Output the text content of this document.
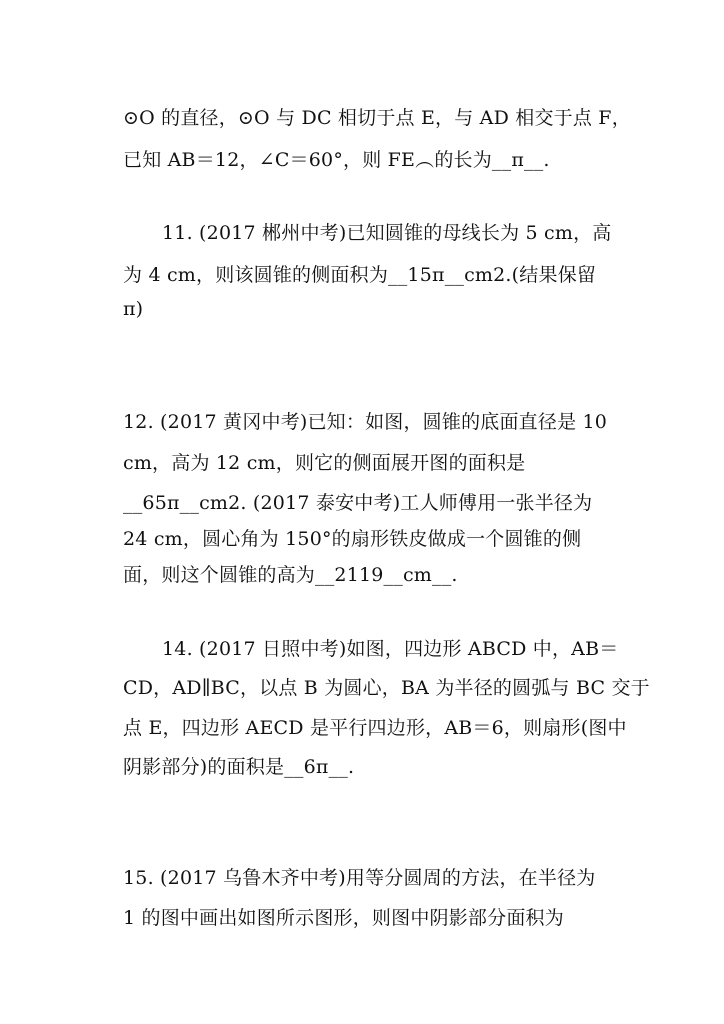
⊙O 的直径，⊙O 与 DC 相切于点 E，与 AD 相交于点 F，
已知 AB＝12，∠C＝60°，则 FE︵的长为__π__.
11. (2017 郴州中考)已知圆锥的母线长为 5 cm，高
为 4 cm，则该圆锥的侧面积为__15π__cm2.(结果保留
π)
12. (2017 黄冈中考)已知：如图，圆锥的底面直径是 10
cm，高为 12 cm，则它的侧面展开图的面积是
__65π__cm2. (2017 泰安中考)工人师傅用一张半径为
24 cm，圆心角为 150°的扇形铁皮做成一个圆锥的侧
面，则这个圆锥的高为__2119__cm__.
14. (2017 日照中考)如图，四边形 ABCD 中，AB＝
CD，AD∥BC，以点 B 为圆心，BA 为半径的圆弧与 BC 交于
点 E，四边形 AECD 是平行四边形，AB＝6，则扇形(图中
阴影部分)的面积是__6π__.
15. (2017 乌鲁木齐中考)用等分圆周的方法，在半径为
1 的图中画出如图所示图形，则图中阴影部分面积为
